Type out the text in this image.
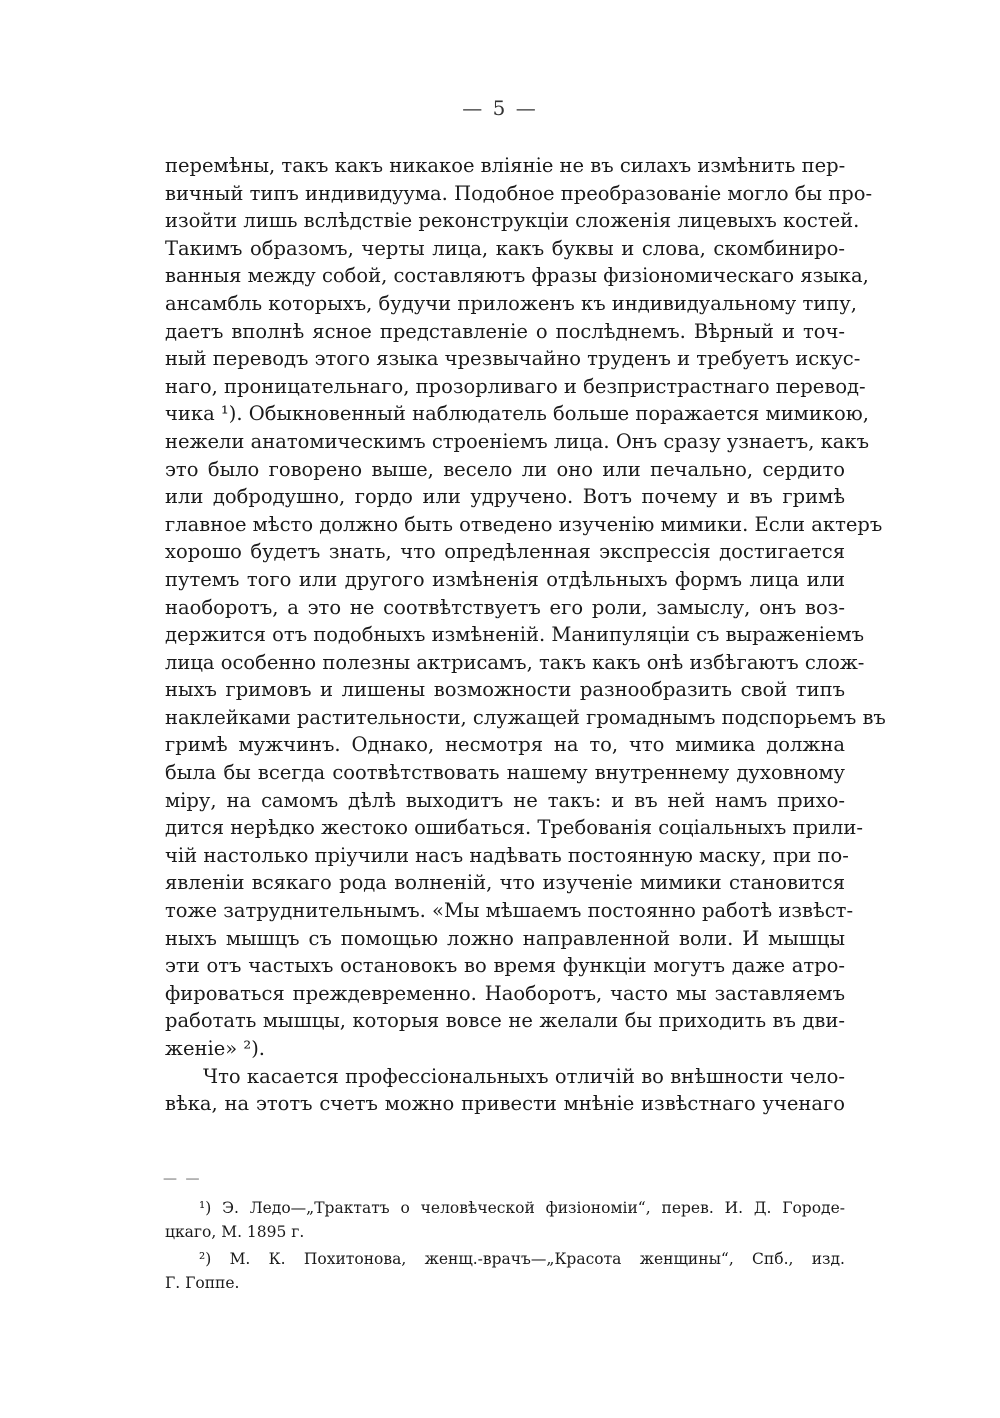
— 5 —
перемѣны, такъ какъ никакое вліяніе не въ силахъ измѣнить пер-
вичный типъ индивидуума. Подобное преобразованіе могло бы про-
изойти лишь вслѣдствіе реконструкціи сложенія лицевыхъ костей.
Такимъ образомъ, черты лица, какъ буквы и слова, скомбиниро-
ванныя между собой, составляютъ фразы физіономическаго языка,
ансамбль которыхъ, будучи приложенъ къ индивидуальному типу,
даетъ вполнѣ ясное представленіе о послѣднемъ. Вѣрный и точ-
ный переводъ этого языка чрезвычайно труденъ и требуетъ искус-
наго, проницательнаго, прозорливаго и безпристрастнаго перевод-
чика ¹). Обыкновенный наблюдатель больше поражается мимикою,
нежели анатомическимъ строеніемъ лица. Онъ сразу узнаетъ, какъ
это было говорено выше, весело ли оно или печально, сердито
или добродушно, гордо или удручено. Вотъ почему и въ гримѣ
главное мѣсто должно быть отведено изученію мимики. Если актеръ
хорошо будетъ знать, что опредѣленная экспрессія достигается
путемъ того или другого измѣненія отдѣльныхъ формъ лица или
наоборотъ, а это не соотвѣтствуетъ его роли, замыслу, онъ воз-
держится отъ подобныхъ измѣненій. Манипуляціи съ выраженіемъ
лица особенно полезны актрисамъ, такъ какъ онѣ избѣгаютъ слож-
ныхъ гримовъ и лишены возможности разнообразить свой типъ
наклейками растительности, служащей громаднымъ подспорьемъ въ
гримѣ мужчинъ. Однако, несмотря на то, что мимика должна
была бы всегда соотвѣтствовать нашему внутреннему духовному
міру, на самомъ дѣлѣ выходитъ не такъ: и въ ней намъ прихо-
дится нерѣдко жестоко ошибаться. Требованія соціальныхъ прили-
чій настолько пріучили насъ надѣвать постоянную маску, при по-
явленіи всякаго рода волненій, что изученіе мимики становится
тоже затруднительнымъ. «Мы мѣшаемъ постоянно работѣ извѣст-
ныхъ мышцъ съ помощью ложно направленной воли. И мышцы
эти отъ частыхъ остановокъ во время функціи могутъ даже атро-
фироваться преждевременно. Наоборотъ, часто мы заставляемъ
работать мышцы, которыя вовсе не желали бы приходить въ дви-
женіе» ²).
Что касается профессіональныхъ отличій во внѣшности чело-
вѣка, на этотъ счетъ можно привести мнѣніе извѣстнаго ученаго
— —
¹) Э. Ледо—„Трактатъ о человѣческой физіономіи“, перев. И. Д. Городе-
цкаго, М. 1895 г.
²) М. К. Похитонова, женщ.-врачъ—„Красота женщины“, Спб., изд.
Г. Гоппе.
